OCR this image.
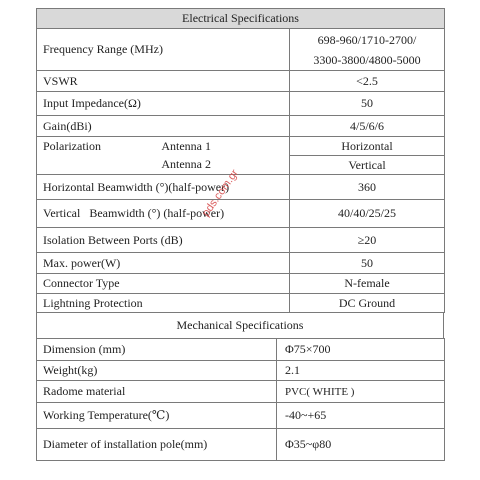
Electrical Specifications	
Frequency Range (MHz)	698-960/1710-2700/
3300-3800/4800-5000

VSWR	<2.5
Input Impedance(Ω)	50
Gain(dBi)	4/5/6/6

Polarization Antenna 1	Horizontal

Antenna 2	Vertical
Horizontal Beamwidth (°)(half-power)	360
Vertical   Beamwidth (°) (half-power)	40/40/25/25
Isolation Between Ports (dB)	≥20
Max. power(W)	50
Connector Type	N-female
Lightning Protection	DC Ground
Mechanical Specifications
Dimension (mm)	Φ75×700
Weight(kg)	2.1
Radome material	PVC( WHITE )
Working Temperature(℃)	-40~+65
Diameter of installation pole(mm)	Φ35~φ80
pds.com.gr
